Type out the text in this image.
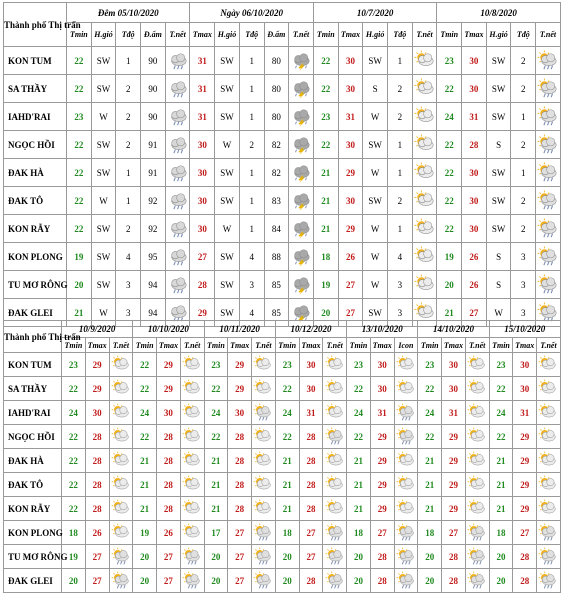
Thành phố Thị trấn	Đêm 05/10/2020					Ngày 06/10/2020					10/7/2020					10/8/2020				
	Tmin	H.gió	Tđộ	Đ.ẩm	T.nết	Tmax	H.gió	Tđộ	Đ.ẩm	T.nết	Tmin	Tmax	H.gió	Tđộ	T.nết	Tmin	Tmax	H.gió	Tđộ	T.nết
KON TUM	22	SW	1	90		31	SW	1	80		22	30	SW	1		23	30	SW	2	

SA THẦY	22	SW	2	90		31	SW	1	80		22	30	S	2		22	30	SW	2	

IAHD'RAI	23	W	2	90		31	SW	1	80		23	31	W	2		24	31	SW	1	

NGỌC HỒI	22	SW	2	91		30	W	2	82		22	30	SW	1		22	28	S	2	

ĐAK HÀ	22	SW	1	91		30	SW	1	82		21	29	W	1		22	30	SW	1	

ĐAK TÔ	22	W	1	92		30	SW	1	83		21	30	SW	2		22	30	SW	2	

KON RẪY	22	SW	2	92		30	W	1	84		21	29	W	1		22	30	SW	2	

KON PLONG	19	SW	4	95		27	SW	4	88		18	26	W	4		19	26	S	3	

TU MƠ RÔNG	20	SW	3	94		28	SW	3	85		19	27	W	3		20	26	S	3	

ĐAK GLEI	21	W	3	94		29	SW	4	85		20	27	SW	3		21	27	W	3	
Thành phố Thị trấn	10/9/2020			10/10/2020			10/11/2020			10/12/2020			13/10/2020			14/10/2020			15/10/2020		
	Tmin	Tmax	T.nết	Tmin	Tmax	T.nết	Tmin	Tmax	T.nết	Tmin	Tmax	T.nết	Tmin	Tmax	Icon	Tmin	Tmax	T.nết	Tmin	Tmax	T.nết
KON TUM	23	29		22	29		23	29		23	30		23	30		23	30		23	30	

SA THẦY	22	29		22	29		22	29		22	30		22	30		22	30		22	30	

IAHD'RAI	24	30		24	30		24	30		24	31		24	31		24	31		24	31	

NGỌC HỒI	22	28		22	28		22	28		22	28		22	29		22	29		22	29	

ĐAK HÀ	22	28		21	28		21	28		21	28		21	29		21	29		21	29	

ĐAK TÔ	22	28		21	28		21	28		21	28		21	29		21	29		21	29	

KON RẪY	22	28		21	28		21	28		21	28		21	29		21	29		21	29	

KON PLONG	18	26		19	26		17	27		18	27		18	27		18	27		18	27	

TU MƠ RÔNG	19	27		20	27		20	27		20	27		20	28		20	28		20	28	

ĐAK GLEI	20	27		20	27		20	27		20	28		20	28		20	28		20	28	
